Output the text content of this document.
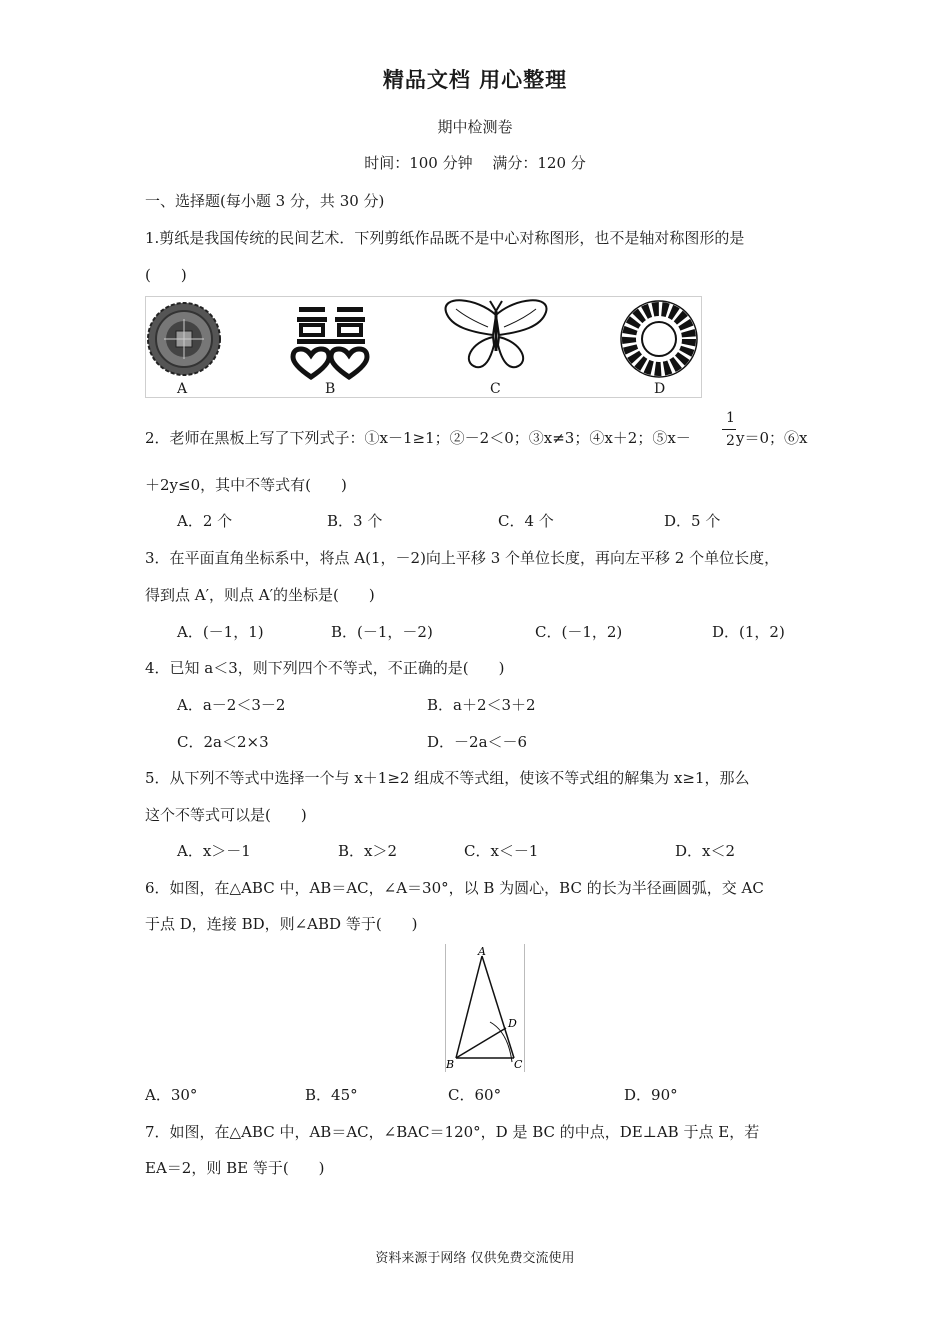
精品文档 用心整理
期中检测卷
时间：100 分钟　 满分：120 分
一、选择题(每小题 3 分，共 30 分)
1.剪纸是我国传统的民间艺术．下列剪纸作品既不是中心对称图形，也不是轴对称图形的是
(　　)
A	B	C	D
2．老师在黑板上写了下列式子：①x－1≥1；②－2＜0；③x≠3；④x＋2；⑤x－
1
2 y＝0；⑥x
＋2y≤0，其中不等式有(　　)
A．2 个	B．3 个	C．4 个	D．5 个
3．在平面直角坐标系中，将点 A(1，－2)向上平移 3 个单位长度，再向左平移 2 个单位长度，
得到点 A′，则点 A′的坐标是(　　)
A．(－1，1)	B．(－1，－2)	C．(－1，2)	D．(1，2)
4．已知 a＜3，则下列四个不等式，不正确的是(　　)
A．a－2＜3－2	B．a＋2＜3＋2
C．2a＜2×3	D．－2a＜－6
5．从下列不等式中选择一个与 x＋1≥2 组成不等式组，使该不等式组的解集为 x≥1，那么
这个不等式可以是(　　)
A．x＞－1	B．x＞2	C．x＜－1	D．x＜2
6．如图，在△ABC 中，AB＝AC，∠A＝30°，以 B 为圆心，BC 的长为半径画圆弧，交 AC
于点 D，连接 BD，则∠ABD 等于(　　)
A
B	C
D
A．30°	B．45°	C．60°	D．90°
7．如图，在△ABC 中，AB＝AC，∠BAC＝120°，D 是 BC 的中点，DE⊥AB 于点 E，若
EA＝2，则 BE 等于(　　)
资料来源于网络 仅供免费交流使用
